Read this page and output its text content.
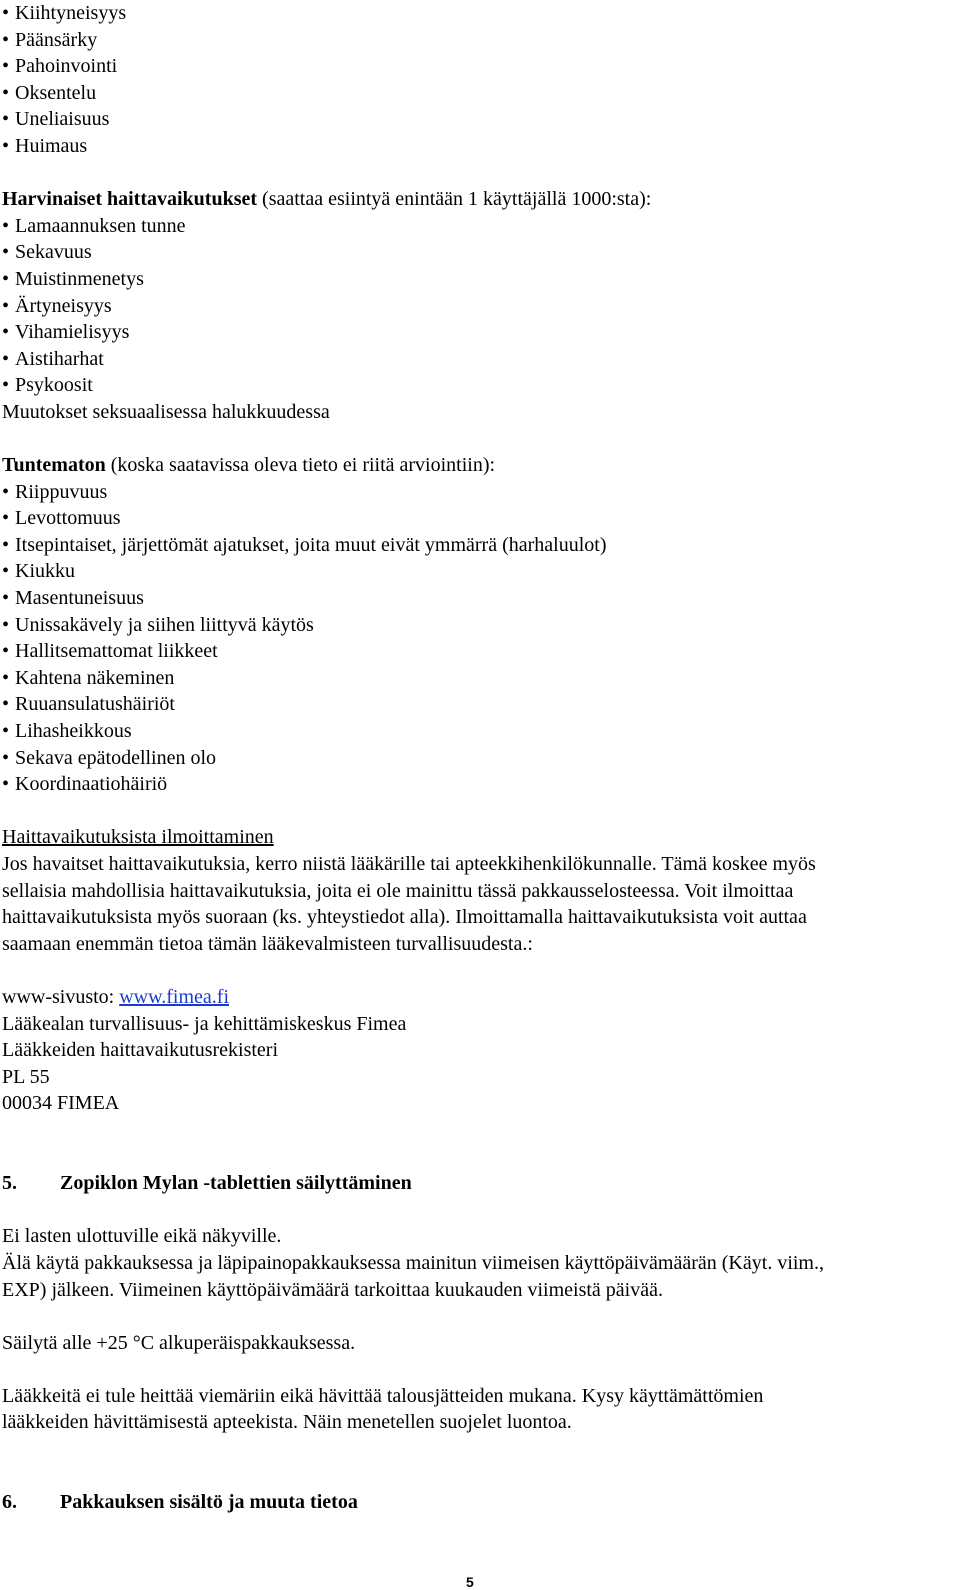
• Kiihtyneisyys
• Päänsärky
• Pahoinvointi
• Oksentelu
• Uneliaisuus
• Huimaus
Harvinaiset haittavaikutukset (saattaa esiintyä enintään 1 käyttäjällä 1000:sta):
• Lamaannuksen tunne
• Sekavuus
• Muistinmenetys
• Ärtyneisyys
• Vihamielisyys
• Aistiharhat
• Psykoosit
Muutokset seksuaalisessa halukkuudessa
Tuntematon (koska saatavissa oleva tieto ei riitä arviointiin):
• Riippuvuus
• Levottomuus
• Itsepintaiset, järjettömät ajatukset, joita muut eivät ymmärrä (harhaluulot)
• Kiukku
• Masentuneisuus
• Unissakävely ja siihen liittyvä käytös
• Hallitsemattomat liikkeet
• Kahtena näkeminen
• Ruuansulatushäiriöt
• Lihasheikkous
• Sekava epätodellinen olo
• Koordinaatiohäiriö
Haittavaikutuksista ilmoittaminen
Jos havaitset haittavaikutuksia, kerro niistä lääkärille tai apteekkihenkilökunnalle. Tämä koskee myös
sellaisia mahdollisia haittavaikutuksia, joita ei ole mainittu tässä pakkausselosteessa. Voit ilmoittaa
haittavaikutuksista myös suoraan (ks. yhteystiedot alla). Ilmoittamalla haittavaikutuksista voit auttaa
saamaan enemmän tietoa tämän lääkevalmisteen turvallisuudesta.:
www-sivusto: www.fimea.fi
Lääkealan turvallisuus- ja kehittämiskeskus Fimea
Lääkkeiden haittavaikutusrekisteri
PL 55
00034 FIMEA
5. Zopiklon Mylan -tablettien säilyttäminen
Ei lasten ulottuville eikä näkyville.
Älä käytä pakkauksessa ja läpipainopakkauksessa mainitun viimeisen käyttöpäivämäärän (Käyt. viim.,
EXP) jälkeen. Viimeinen käyttöpäivämäärä tarkoittaa kuukauden viimeistä päivää.
Säilytä alle +25 °C alkuperäispakkauksessa.
Lääkkeitä ei tule heittää viemäriin eikä hävittää talousjätteiden mukana. Kysy käyttämättömien
lääkkeiden hävittämisestä apteekista. Näin menetellen suojelet luontoa.
6. Pakkauksen sisältö ja muuta tietoa
5
